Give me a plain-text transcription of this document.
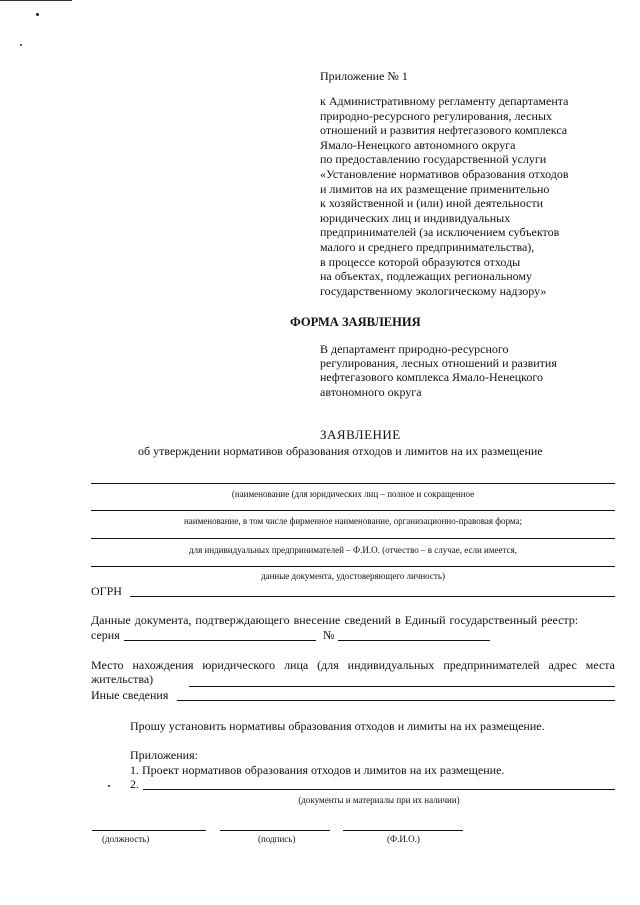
Приложение № 1
к Административному регламенту департамента
природно-ресурсного регулирования, лесных
отношений и развития нефтегазового комплекса
Ямало-Ненецкого автономного округа
по предоставлению государственной услуги
«Установление нормативов образования отходов
и лимитов на их размещение применительно
к хозяйственной и (или) иной деятельности
юридических лиц и индивидуальных
предпринимателей (за исключением субъектов
малого и среднего предпринимательства),
в процессе которой образуются отходы
на объектах, подлежащих региональному
государственному экологическому надзору»
ФОРМА ЗАЯВЛЕНИЯ
В департамент природно-ресурсного
регулирования, лесных отношений и развития
нефтегазового комплекса Ямало-Ненецкого
автономного округа
ЗАЯВЛЕНИЕ
об утверждении нормативов образования отходов и лимитов на их размещение
(наименование (для юридических лиц – полное и сокращенное
наименование, в том числе фирменное наименование, организационно-правовая форма;
для индивидуальных предпринимателей – Ф.И.О. (отчество – в случае, если имеется,
данные документа, удостоверяющего личность)
ОГРН
Данные документа, подтверждающего внесение сведений в Единый государственный реестр:
серия	№
Место нахождения юридического лица (для индивидуальных предпринимателей адрес места жительства)
Иные сведения
Прошу установить нормативы образования отходов и лимиты на их размещение.
Приложения:
1. Проект нормативов образования отходов и лимитов на их размещение.
2.
(документы и материалы при их наличии)
(должность)	(подпись)	(Ф.И.О.)
